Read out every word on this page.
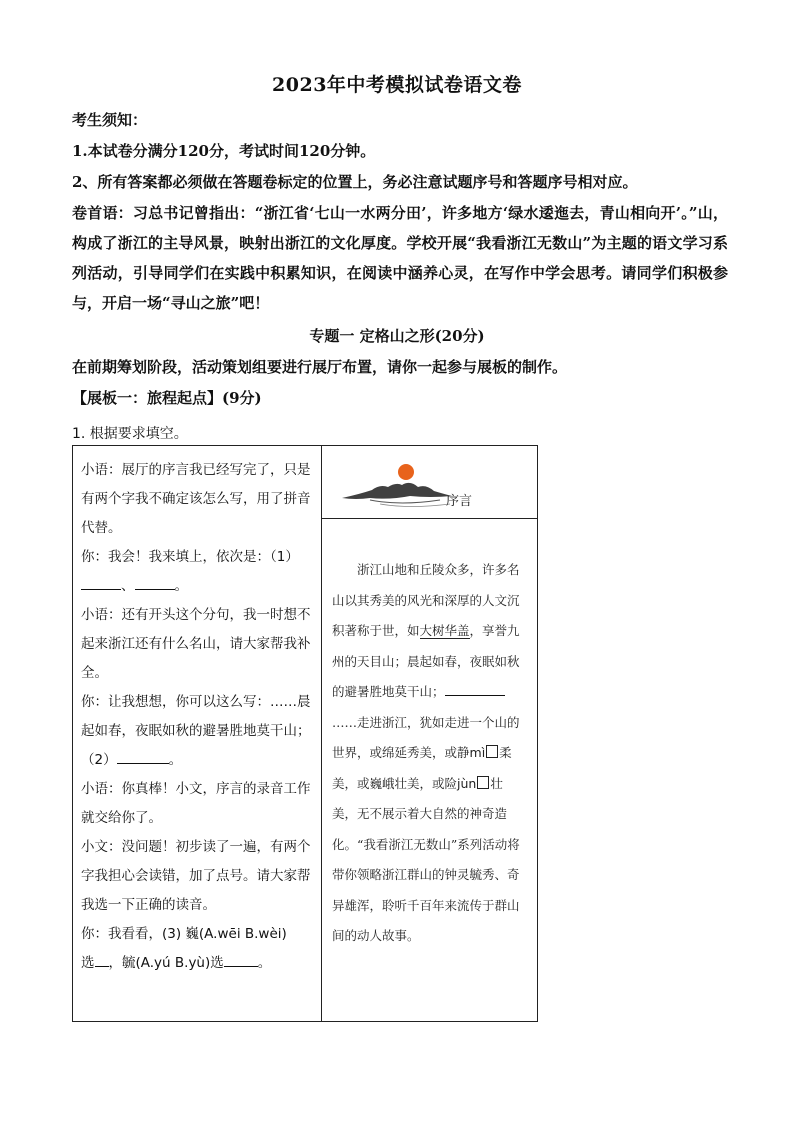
2023年中考模拟试卷语文卷
考生须知：
1.本试卷分满分120分，考试时间120分钟。
2、所有答案都必须做在答题卷标定的位置上，务必注意试题序号和答题序号相对应。
卷首语：习总书记曾指出：“浙江省‘七山一水两分田’，许多地方‘绿水逶迤去，青山相向开’。”山，构成了浙江的主导风景，映射出浙江的文化厚度。学校开展“我看浙江无数山”为主题的语文学习系列活动，引导同学们在实践中积累知识，在阅读中涵养心灵，在写作中学会思考。请同学们积极参与，开启一场“寻山之旅”吧！
专题一 定格山之形(20分)
在前期筹划阶段，活动策划组要进行展厅布置，请你一起参与展板的制作。
【展板一：旅程起点】(9分)
1. 根据要求填空。

小语：展厅的序言我已经写完了，只是有两个字我不确定该怎么写，用了拼音代替。

你：我会！我来填上，依次是：（1）
、	。

小语：还有开头这个分句，我一时想不起来浙江还有什么名山，请大家帮我补全。

你：让我想想，你可以这么写：……晨起如春，夜眠如秋的避暑胜地莫干山；（2）	。

小语：你真棒！小文，序言的录音工作就交给你了。

小文：没问题！初步读了一遍，有两个字我担心会读错，加了点号。请大家帮我选一下正确的读音。

你：我看看，(3) 巍(A.wēi B.wèi)
选 ，毓(A.yú B.yù)选	。

序言

浙江山地和丘陵众多，许多名山以其秀美的风光和深厚的人文沉积著称于世，如大树华盖，享誉九州的天目山；晨起如春，夜眠如秋的避暑胜地莫干山；……走进浙江，犹如走进一个山的世界，或绵延秀美，或静mì 柔美，或巍峨壮美，或险jùn 壮美，无不展示着大自然的神奇造化。“我看浙江无数山”系列活动将带你领略浙江群山的钟灵毓秀、奇异雄浑，聆听千百年来流传于群山间的动人故事。
